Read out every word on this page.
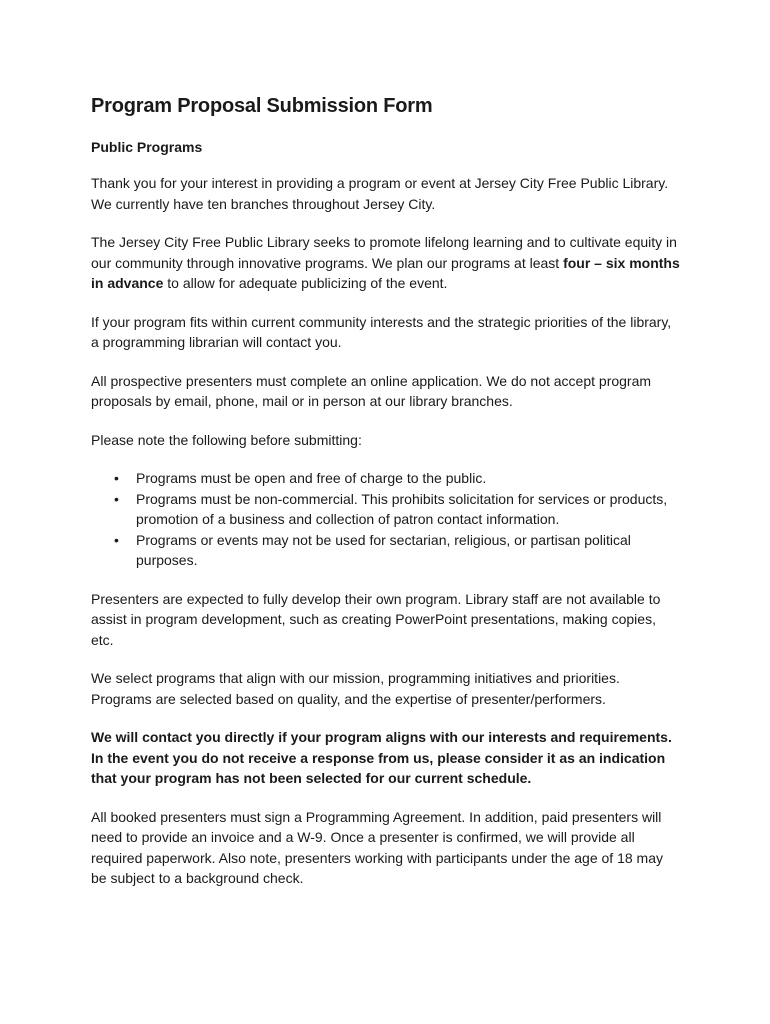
Program Proposal Submission Form
Public Programs

Thank you for your interest in providing a program or event at Jersey City Free Public Library. We currently have ten branches throughout Jersey City.

The Jersey City Free Public Library seeks to promote lifelong learning and to cultivate equity in our community through innovative programs. We plan our programs at least four – six months in advance to allow for adequate publicizing of the event.

If your program fits within current community interests and the strategic priorities of the library, a programming librarian will contact you.

All prospective presenters must complete an online application. We do not accept program proposals by email, phone, mail or in person at our library branches.

Please note the following before submitting:

• Programs must be open and free of charge to the public.
• Programs must be non-commercial. This prohibits solicitation for services or products, promotion of a business and collection of patron contact information.
• Programs or events may not be used for sectarian, religious, or partisan political purposes.

Presenters are expected to fully develop their own program. Library staff are not available to assist in program development, such as creating PowerPoint presentations, making copies, etc.

We select programs that align with our mission, programming initiatives and priorities. Programs are selected based on quality, and the expertise of presenter/performers.

We will contact you directly if your program aligns with our interests and requirements. In the event you do not receive a response from us, please consider it as an indication that your program has not been selected for our current schedule.

All booked presenters must sign a Programming Agreement. In addition, paid presenters will need to provide an invoice and a W-9. Once a presenter is confirmed, we will provide all required paperwork. Also note, presenters working with participants under the age of 18 may be subject to a background check.
